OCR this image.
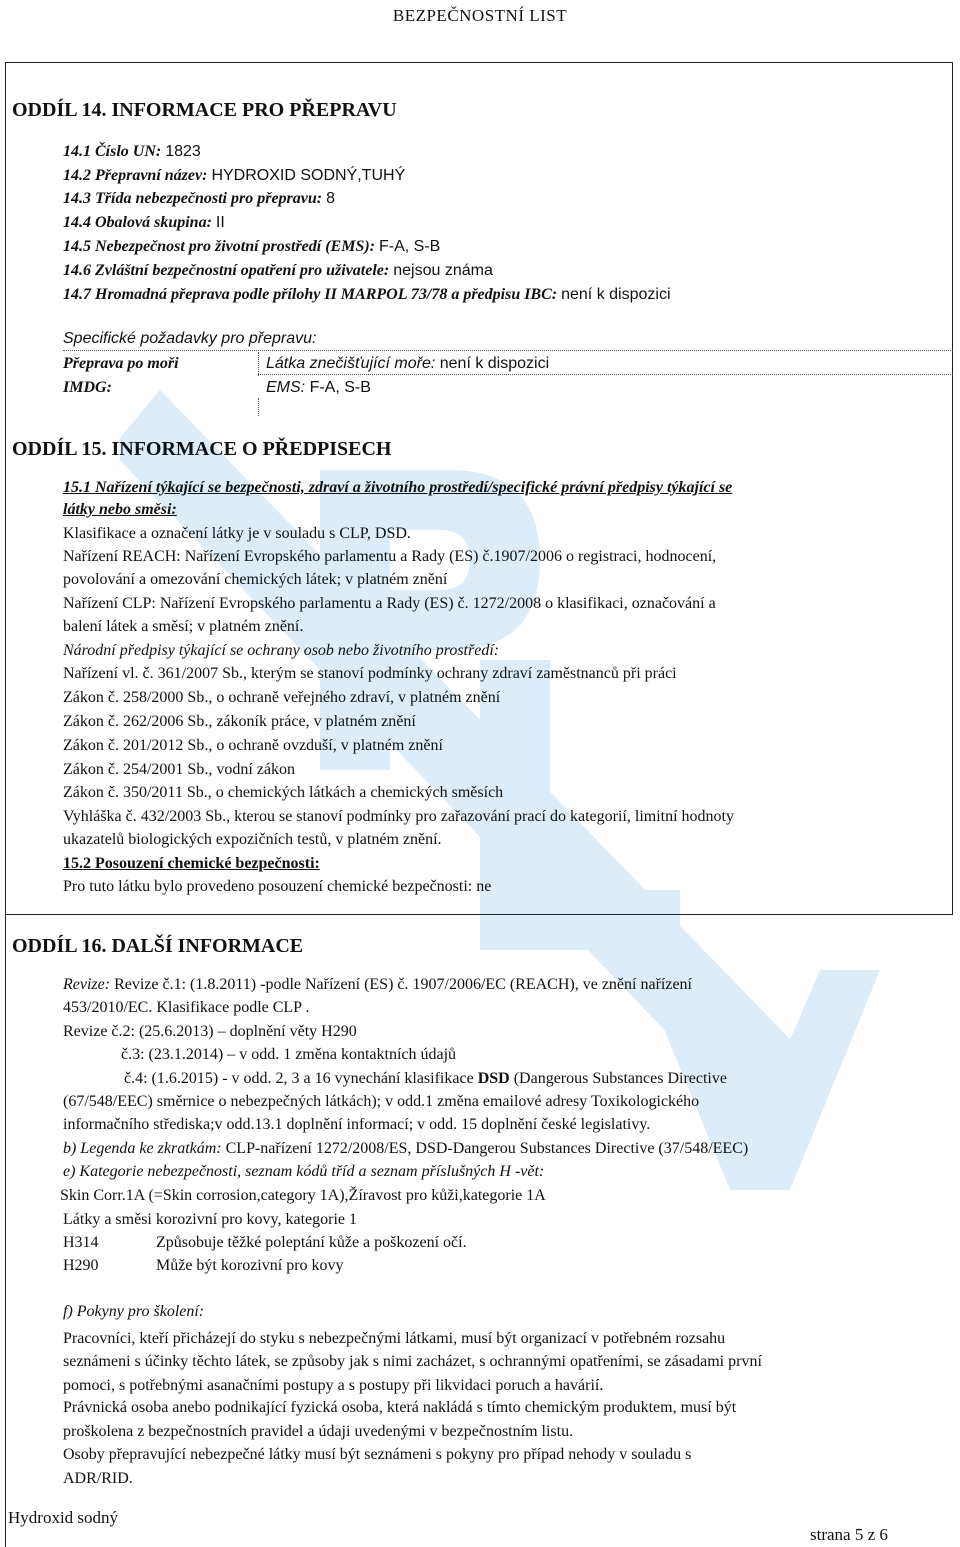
BEZPEČNOSTNÍ LIST
ODDÍL 14. INFORMACE PRO PŘEPRAVU
14.1 Číslo UN: 1823
14.2 Přepravní název: HYDROXID SODNÝ,TUHÝ
14.3 Třída nebezpečnosti pro přepravu: 8
14.4 Obalová skupina: II
14.5 Nebezpečnost pro životní prostředí (EMS): F-A, S-B
14.6 Zvláštní bezpečnostní opatření pro uživatele: nejsou známa
14.7 Hromadná přeprava podle přílohy II MARPOL 73/78 a předpisu IBC: není k dispozici
Specifické požadavky pro přepravu:
Přeprava po moři
IMDG:
Látka znečišťující moře: není k dispozici
EMS: F-A, S-B
ODDÍL 15. INFORMACE O PŘEDPISECH
15.1 Nařízení týkající se bezpečnosti, zdraví a životního prostředí/specifické právní předpisy týkající se
látky nebo směsi:
Klasifikace a označení látky je v souladu s CLP, DSD.
Nařízení REACH: Nařízení Evropského parlamentu a Rady (ES) č.1907/2006 o registraci, hodnocení,
povolování a omezování chemických látek; v platném znění
Nařízení CLP: Nařízení Evropského parlamentu a Rady (ES) č. 1272/2008 o klasifikaci, označování a
balení látek a směsí; v platném znění.
Národní předpisy týkající se ochrany osob nebo životního prostředí:
Nařízení vl. č. 361/2007 Sb., kterým se stanoví podmínky ochrany zdraví zaměstnanců při práci
Zákon č. 258/2000 Sb., o ochraně veřejného zdraví, v platném znění
Zákon č. 262/2006 Sb., zákoník práce, v platném znění
Zákon č. 201/2012 Sb., o ochraně ovzduší, v platném znění
Zákon č. 254/2001 Sb., vodní zákon
Zákon č. 350/2011 Sb., o chemických látkách a chemických směsích
Vyhláška č. 432/2003 Sb., kterou se stanoví podmínky pro zařazování prací do kategorií, limitní hodnoty
ukazatelů biologických expozičních testů, v platném znění.
15.2 Posouzení chemické bezpečnosti:
Pro tuto látku bylo provedeno posouzení chemické bezpečnosti: ne
ODDÍL 16. DALŠÍ INFORMACE
Revize: Revize č.1: (1.8.2011) -podle Nařízení (ES) č. 1907/2006/EC (REACH), ve znění nařízení
453/2010/EC. Klasifikace podle CLP .
Revize č.2: (25.6.2013) – doplnění věty H290
č.3: (23.1.2014) – v odd. 1 změna kontaktních údajů
č.4: (1.6.2015) - v odd. 2, 3 a 16 vynechání klasifikace DSD (Dangerous Substances Directive
(67/548/EEC) směrnice o nebezpečných látkách); v odd.1 změna emailové adresy Toxikologického
informačního střediska;v odd.13.1 doplnění informací; v odd. 15 doplnění české legislativy.
b) Legenda ke zkratkám: CLP-nařízení 1272/2008/ES, DSD-Dangerou Substances Directive (37/548/EEC)
e) Kategorie nebezpečnosti, seznam kódů tříd a seznam příslušných H -vět:
Skin Corr.1A (=Skin corrosion,category 1A),Žíravost pro kůži,kategorie 1A
Látky a směsi korozivní pro kovy, kategorie 1
H314	Způsobuje těžké poleptání kůže a poškození očí.
H290	Může být korozivní pro kovy
f) Pokyny pro školení:
Pracovníci, kteří přicházejí do styku s nebezpečnými látkami, musí být organizací v potřebném rozsahu
seznámeni s účinky těchto látek, se způsoby jak s nimi zacházet, s ochrannými opatřeními, se zásadami první
pomoci, s potřebnými asanačními postupy a s postupy při likvidaci poruch a havárií.
Právnická osoba anebo podnikající fyzická osoba, která nakládá s tímto chemickým produktem, musí být
proškolena z bezpečnostních pravidel a údaji uvedenými v bezpečnostním listu.
Osoby přepravující nebezpečné látky musí být seznámeni s pokyny pro případ nehody v souladu s
ADR/RID.
Hydroxid sodný
strana 5 z 6
